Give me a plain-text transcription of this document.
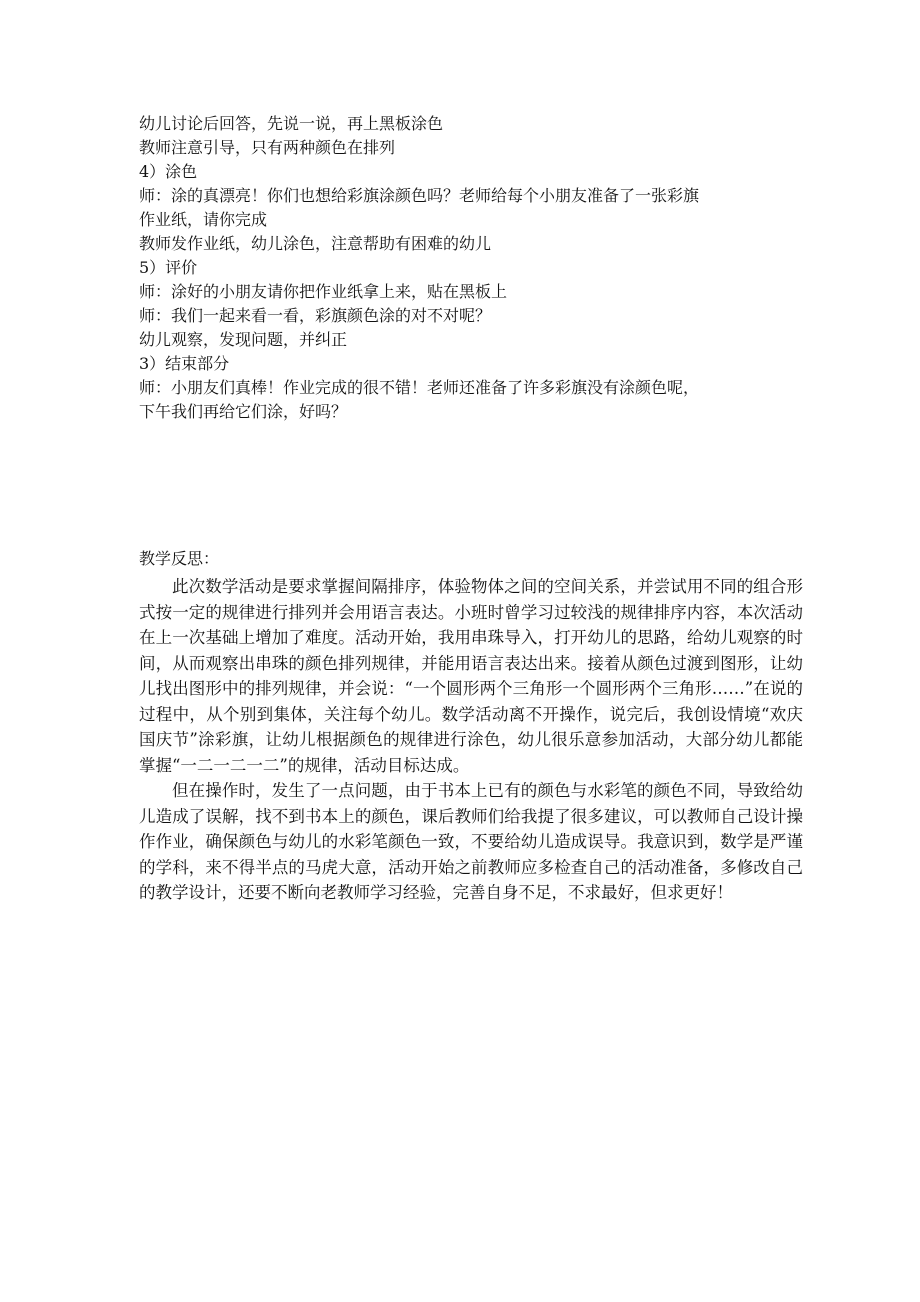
幼儿讨论后回答，先说一说，再上黑板涂色

教师注意引导，只有两种颜色在排列

4）涂色

师：涂的真漂亮！你们也想给彩旗涂颜色吗？老师给每个小朋友准备了一张彩旗

作业纸，请你完成

教师发作业纸，幼儿涂色，注意帮助有困难的幼儿

5）评价

师：涂好的小朋友请你把作业纸拿上来，贴在黑板上

师：我们一起来看一看，彩旗颜色涂的对不对呢？

幼儿观察，发现问题，并纠正

3）结束部分

师：小朋友们真棒！作业完成的很不错！老师还准备了许多彩旗没有涂颜色呢，

下午我们再给它们涂，好吗？

教学反思：

此次数学活动是要求掌握间隔排序，体验物体之间的空间关系，并尝试用不同的组合形式按一定的规律进行排列并会用语言表达。小班时曾学习过较浅的规律排序内容，本次活动在上一次基础上增加了难度。活动开始，我用串珠导入，打开幼儿的思路，给幼儿观察的时间，从而观察出串珠的颜色排列规律，并能用语言表达出来。接着从颜色过渡到图形，让幼儿找出图形中的排列规律，并会说：“一个圆形两个三角形一个圆形两个三角形……”在说的过程中，从个别到集体，关注每个幼儿。数学活动离不开操作，说完后，我创设情境“欢庆国庆节”涂彩旗，让幼儿根据颜色的规律进行涂色，幼儿很乐意参加活动，大部分幼儿都能掌握“一二一二一二”的规律，活动目标达成。

但在操作时，发生了一点问题，由于书本上已有的颜色与水彩笔的颜色不同，导致给幼儿造成了误解，找不到书本上的颜色，课后教师们给我提了很多建议，可以教师自己设计操作作业，确保颜色与幼儿的水彩笔颜色一致，不要给幼儿造成误导。我意识到，数学是严谨的学科，来不得半点的马虎大意，活动开始之前教师应多检查自己的活动准备，多修改自己的教学设计，还要不断向老教师学习经验，完善自身不足，不求最好，但求更好！
